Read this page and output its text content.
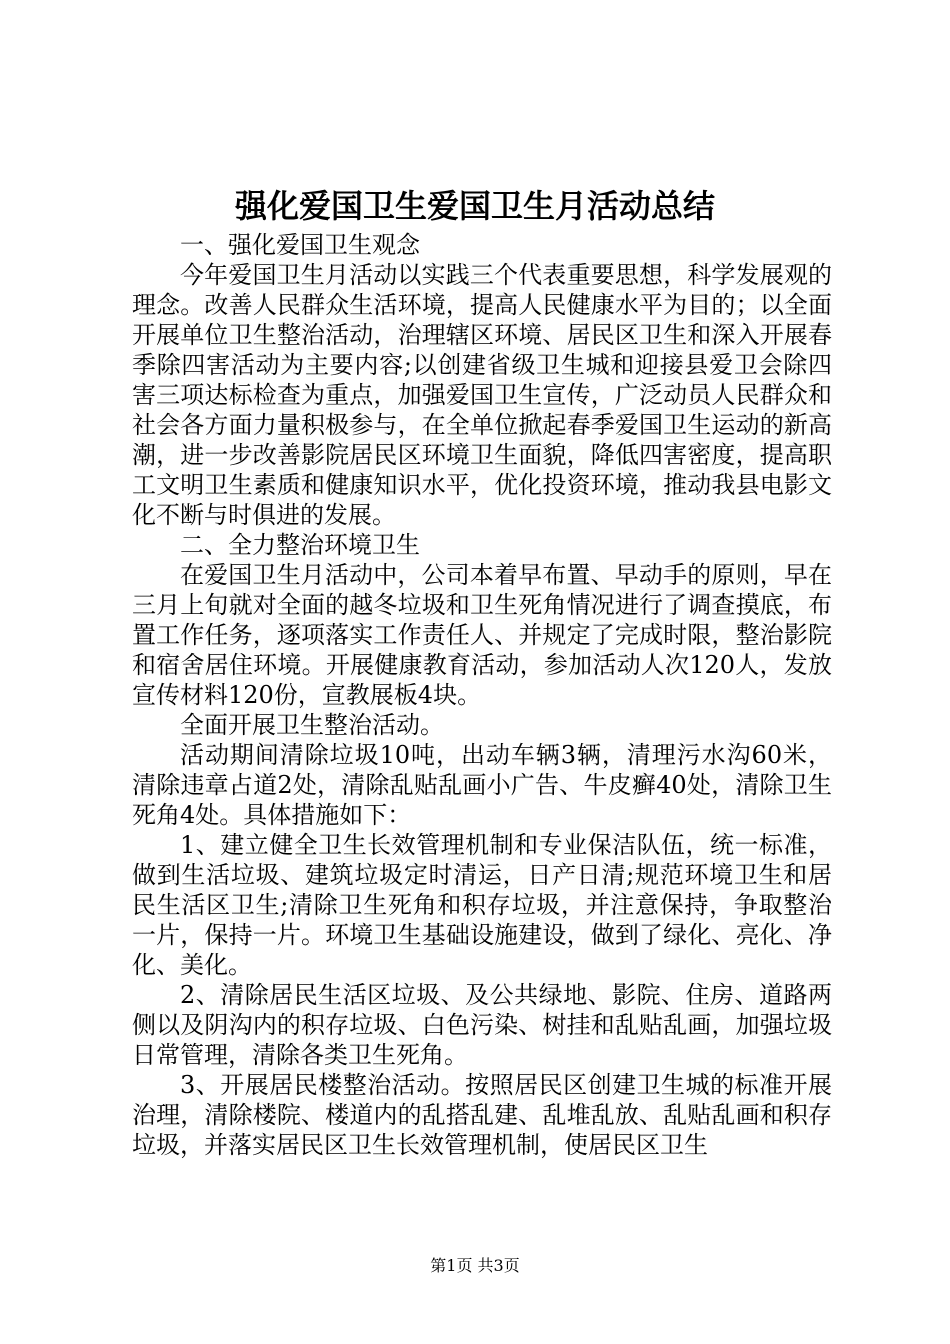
强化爱国卫生爱国卫生月活动总结

一、强化爱国卫生观念

今年爱国卫生月活动以实践三个代表重要思想，科学发展观的理念。改善人民群众生活环境，提高人民健康水平为目的；以全面开展单位卫生整治活动，治理辖区环境、居民区卫生和深入开展春季除四害活动为主要内容;以创建省级卫生城和迎接县爱卫会除四害三项达标检查为重点，加强爱国卫生宣传，广泛动员人民群众和社会各方面力量积极参与，在全单位掀起春季爱国卫生运动的新高潮，进一步改善影院居民区环境卫生面貌，降低四害密度，提高职工文明卫生素质和健康知识水平，优化投资环境，推动我县电影文化不断与时俱进的发展。

二、全力整治环境卫生

在爱国卫生月活动中，公司本着早布置、早动手的原则，早在三月上旬就对全面的越冬垃圾和卫生死角情况进行了调查摸底，布置工作任务，逐项落实工作责任人、并规定了完成时限，整治影院和宿舍居住环境。开展健康教育活动，参加活动人次120人，发放宣传材料120份，宣教展板4块。

全面开展卫生整治活动。

活动期间清除垃圾10吨，出动车辆3辆，清理污水沟60米，清除违章占道2处，清除乱贴乱画小广告、牛皮癣40处，清除卫生死角4处。具体措施如下：

1、建立健全卫生长效管理机制和专业保洁队伍，统一标准，做到生活垃圾、建筑垃圾定时清运，日产日清;规范环境卫生和居民生活区卫生;清除卫生死角和积存垃圾，并注意保持，争取整治一片，保持一片。环境卫生基础设施建设，做到了绿化、亮化、净化、美化。

2、清除居民生活区垃圾、及公共绿地、影院、住房、道路两侧以及阴沟内的积存垃圾、白色污染、树挂和乱贴乱画，加强垃圾日常管理，清除各类卫生死角。

3、开展居民楼整治活动。按照居民区创建卫生城的标准开展治理，清除楼院、楼道内的乱搭乱建、乱堆乱放、乱贴乱画和积存垃圾，并落实居民区卫生长效管理机制，使居民区卫生

第1页 共3页
